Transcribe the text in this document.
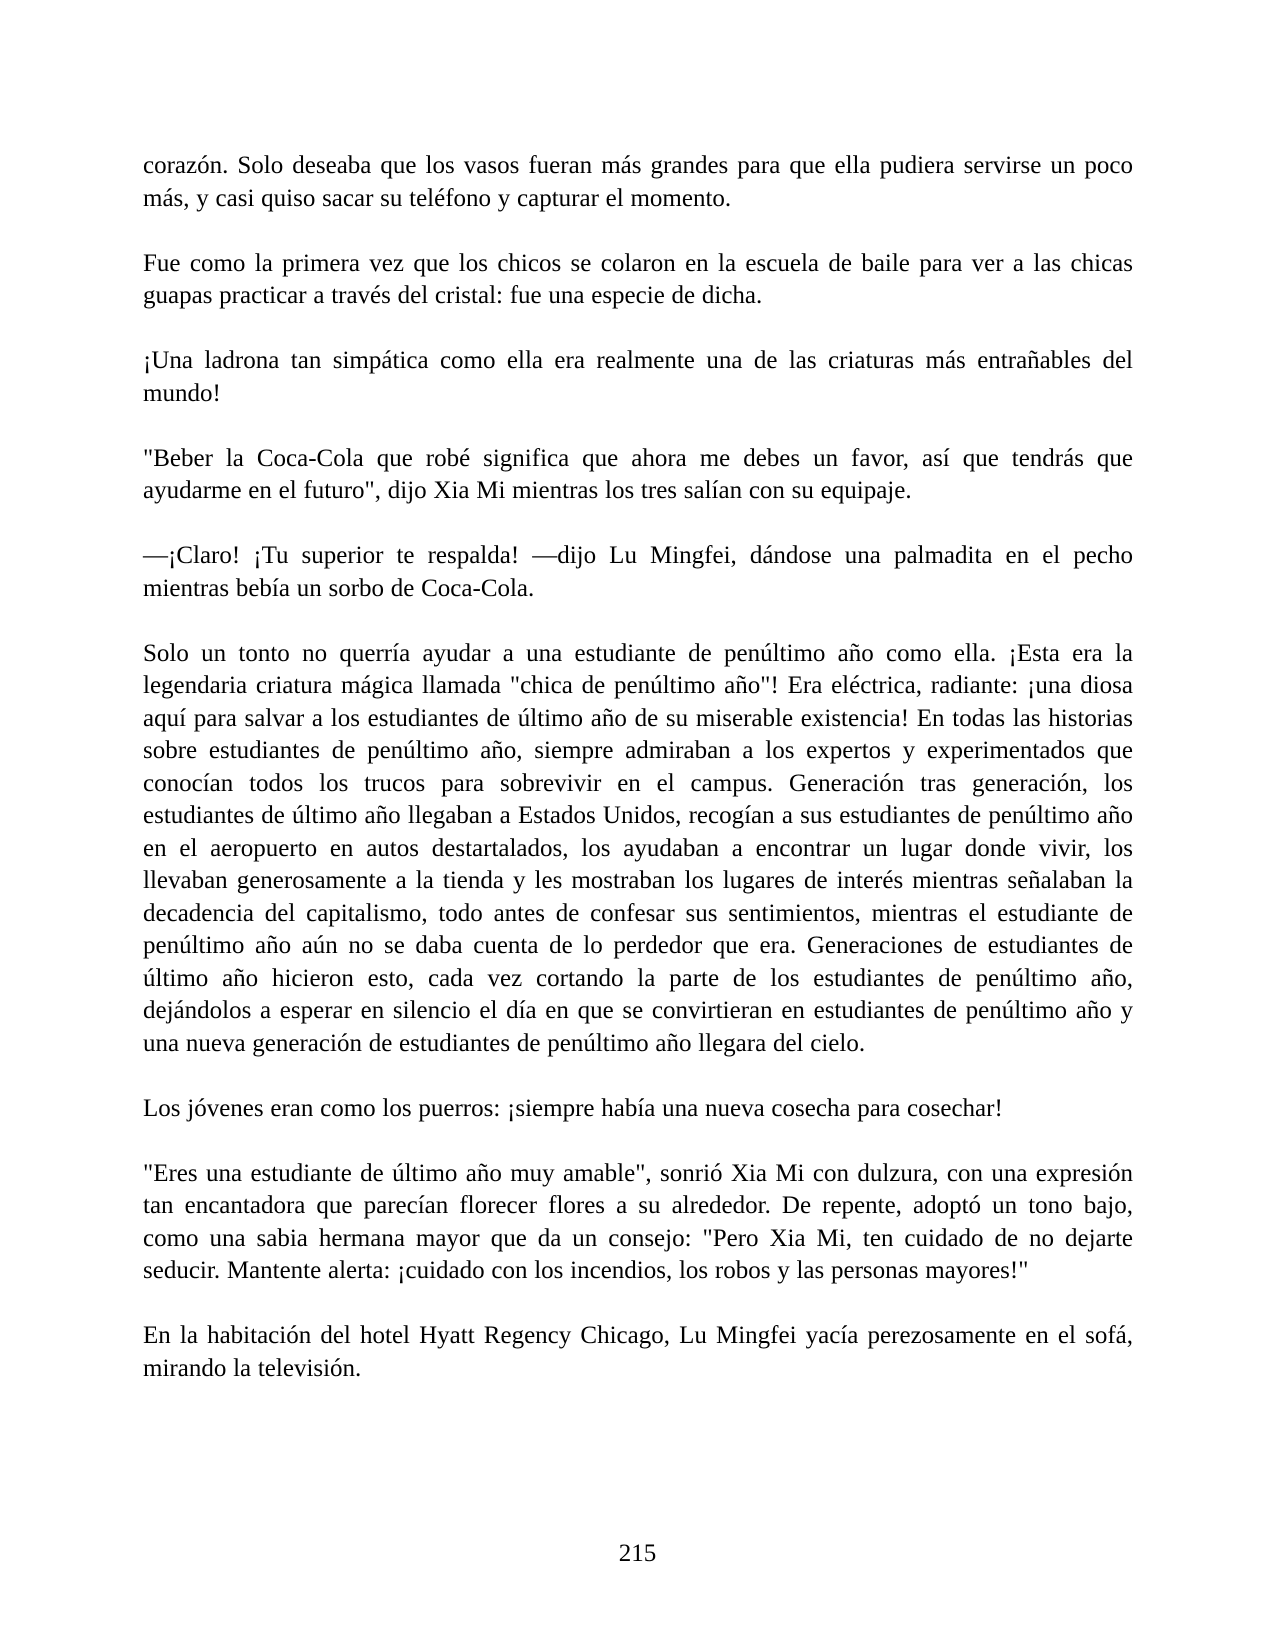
corazón. Solo deseaba que los vasos fueran más grandes para que ella pudiera servirse un poco más, y casi quiso sacar su teléfono y capturar el momento.

Fue como la primera vez que los chicos se colaron en la escuela de baile para ver a las chicas guapas practicar a través del cristal: fue una especie de dicha.

¡Una ladrona tan simpática como ella era realmente una de las criaturas más entrañables del mundo!

"Beber la Coca-Cola que robé significa que ahora me debes un favor, así que tendrás que ayudarme en el futuro", dijo Xia Mi mientras los tres salían con su equipaje.

—¡Claro! ¡Tu superior te respalda! —dijo Lu Mingfei, dándose una palmadita en el pecho mientras bebía un sorbo de Coca-Cola.

Solo un tonto no querría ayudar a una estudiante de penúltimo año como ella. ¡Esta era la legendaria criatura mágica llamada "chica de penúltimo año"! Era eléctrica, radiante: ¡una diosa aquí para salvar a los estudiantes de último año de su miserable existencia! En todas las historias sobre estudiantes de penúltimo año, siempre admiraban a los expertos y experimentados que conocían todos los trucos para sobrevivir en el campus. Generación tras generación, los estudiantes de último año llegaban a Estados Unidos, recogían a sus estudiantes de penúltimo año en el aeropuerto en autos destartalados, los ayudaban a encontrar un lugar donde vivir, los llevaban generosamente a la tienda y les mostraban los lugares de interés mientras señalaban la decadencia del capitalismo, todo antes de confesar sus sentimientos, mientras el estudiante de penúltimo año aún no se daba cuenta de lo perdedor que era. Generaciones de estudiantes de último año hicieron esto, cada vez cortando la parte de los estudiantes de penúltimo año, dejándolos a esperar en silencio el día en que se convirtieran en estudiantes de penúltimo año y una nueva generación de estudiantes de penúltimo año llegara del cielo.

Los jóvenes eran como los puerros: ¡siempre había una nueva cosecha para cosechar!

"Eres una estudiante de último año muy amable", sonrió Xia Mi con dulzura, con una expresión tan encantadora que parecían florecer flores a su alrededor. De repente, adoptó un tono bajo, como una sabia hermana mayor que da un consejo: "Pero Xia Mi, ten cuidado de no dejarte seducir. Mantente alerta: ¡cuidado con los incendios, los robos y las personas mayores!"

En la habitación del hotel Hyatt Regency Chicago, Lu Mingfei yacía perezosamente en el sofá, mirando la televisión.

215
